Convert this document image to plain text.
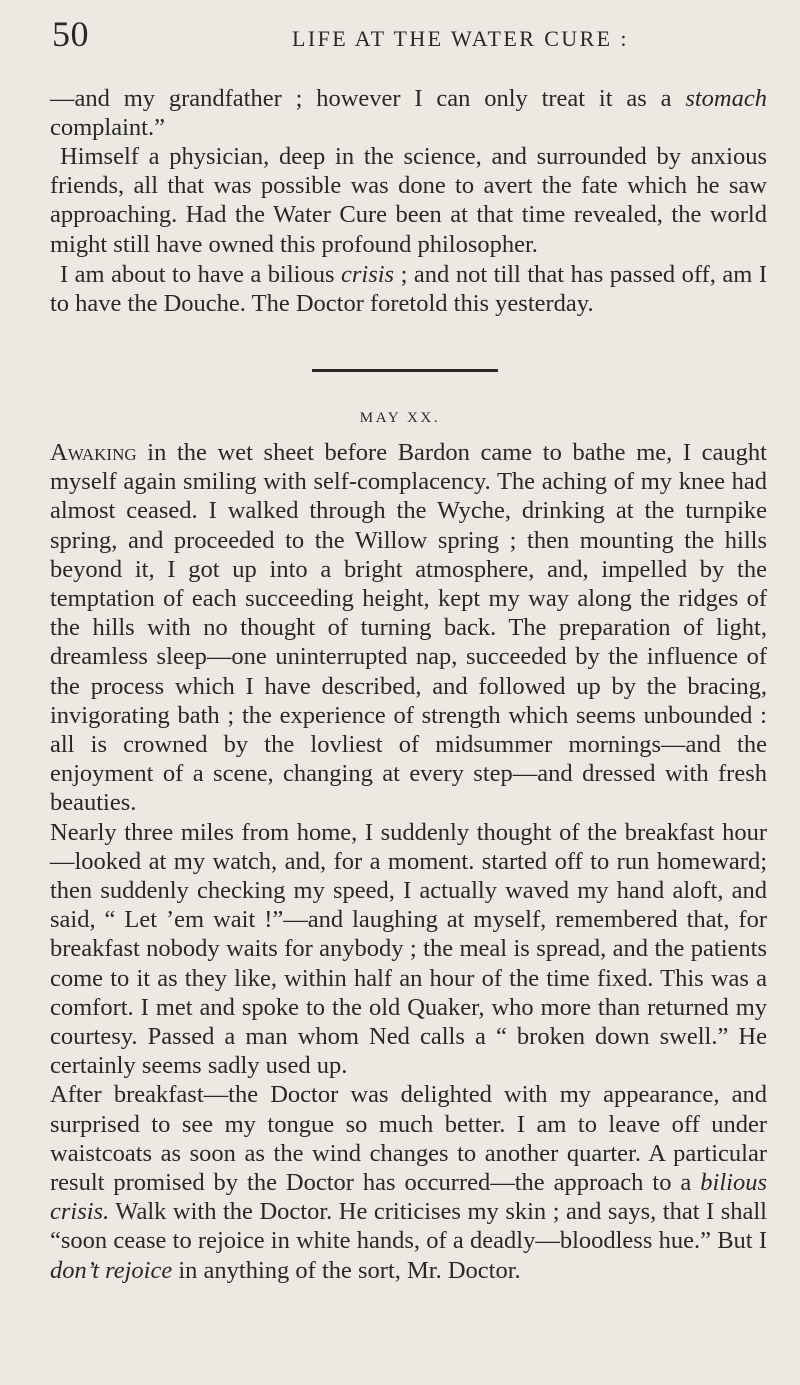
50	LIFE AT THE WATER CURE :

—and my grandfather ; however I can only treat it as a stomach complaint.”

Himself a physician, deep in the science, and surrounded by anxious friends, all that was possible was done to avert the fate which he saw approaching. Had the Water Cure been at that time revealed, the world might still have owned this profound philosopher.

I am about to have a bilious crisis ; and not till that has passed off, am I to have the Douche. The Doctor foretold this yesterday.

MAY XX.

Awaking in the wet sheet before Bardon came to bathe me, I caught myself again smiling with self-complacency. The aching of my knee had almost ceased. I walked through the Wyche, drinking at the turnpike spring, and proceeded to the Willow spring ; then mounting the hills beyond it, I got up into a bright atmosphere, and, impelled by the temptation of each succeeding height, kept my way along the ridges of the hills with no thought of turning back. The preparation of light, dreamless sleep—one uninterrupted nap, succeeded by the influence of the process which I have described, and followed up by the bracing, invigorating bath ; the experience of strength which seems unbounded : all is crowned by the lovliest of midsummer mornings—and the enjoyment of a scene, changing at every step—and dressed with fresh beauties.

Nearly three miles from home, I suddenly thought of the breakfast hour—looked at my watch, and, for a moment. started off to run homeward; then suddenly checking my speed, I actually waved my hand aloft, and said, “ Let ’em wait !”—and laughing at myself, remembered that, for breakfast nobody waits for anybody ; the meal is spread, and the patients come to it as they like, within half an hour of the time fixed. This was a comfort. I met and spoke to the old Quaker, who more than returned my courtesy. Passed a man whom Ned calls a “ broken down swell.” He certainly seems sadly used up.

After breakfast—the Doctor was delighted with my appearance, and surprised to see my tongue so much better. I am to leave off under waistcoats as soon as the wind changes to another quarter. A particular result promised by the Doctor has occurred—the approach to a bilious crisis. Walk with the Doctor. He criticises my skin ; and says, that I shall “soon cease to rejoice in white hands, of a deadly—bloodless hue.” But I don’t rejoice in anything of the sort, Mr. Doctor.
